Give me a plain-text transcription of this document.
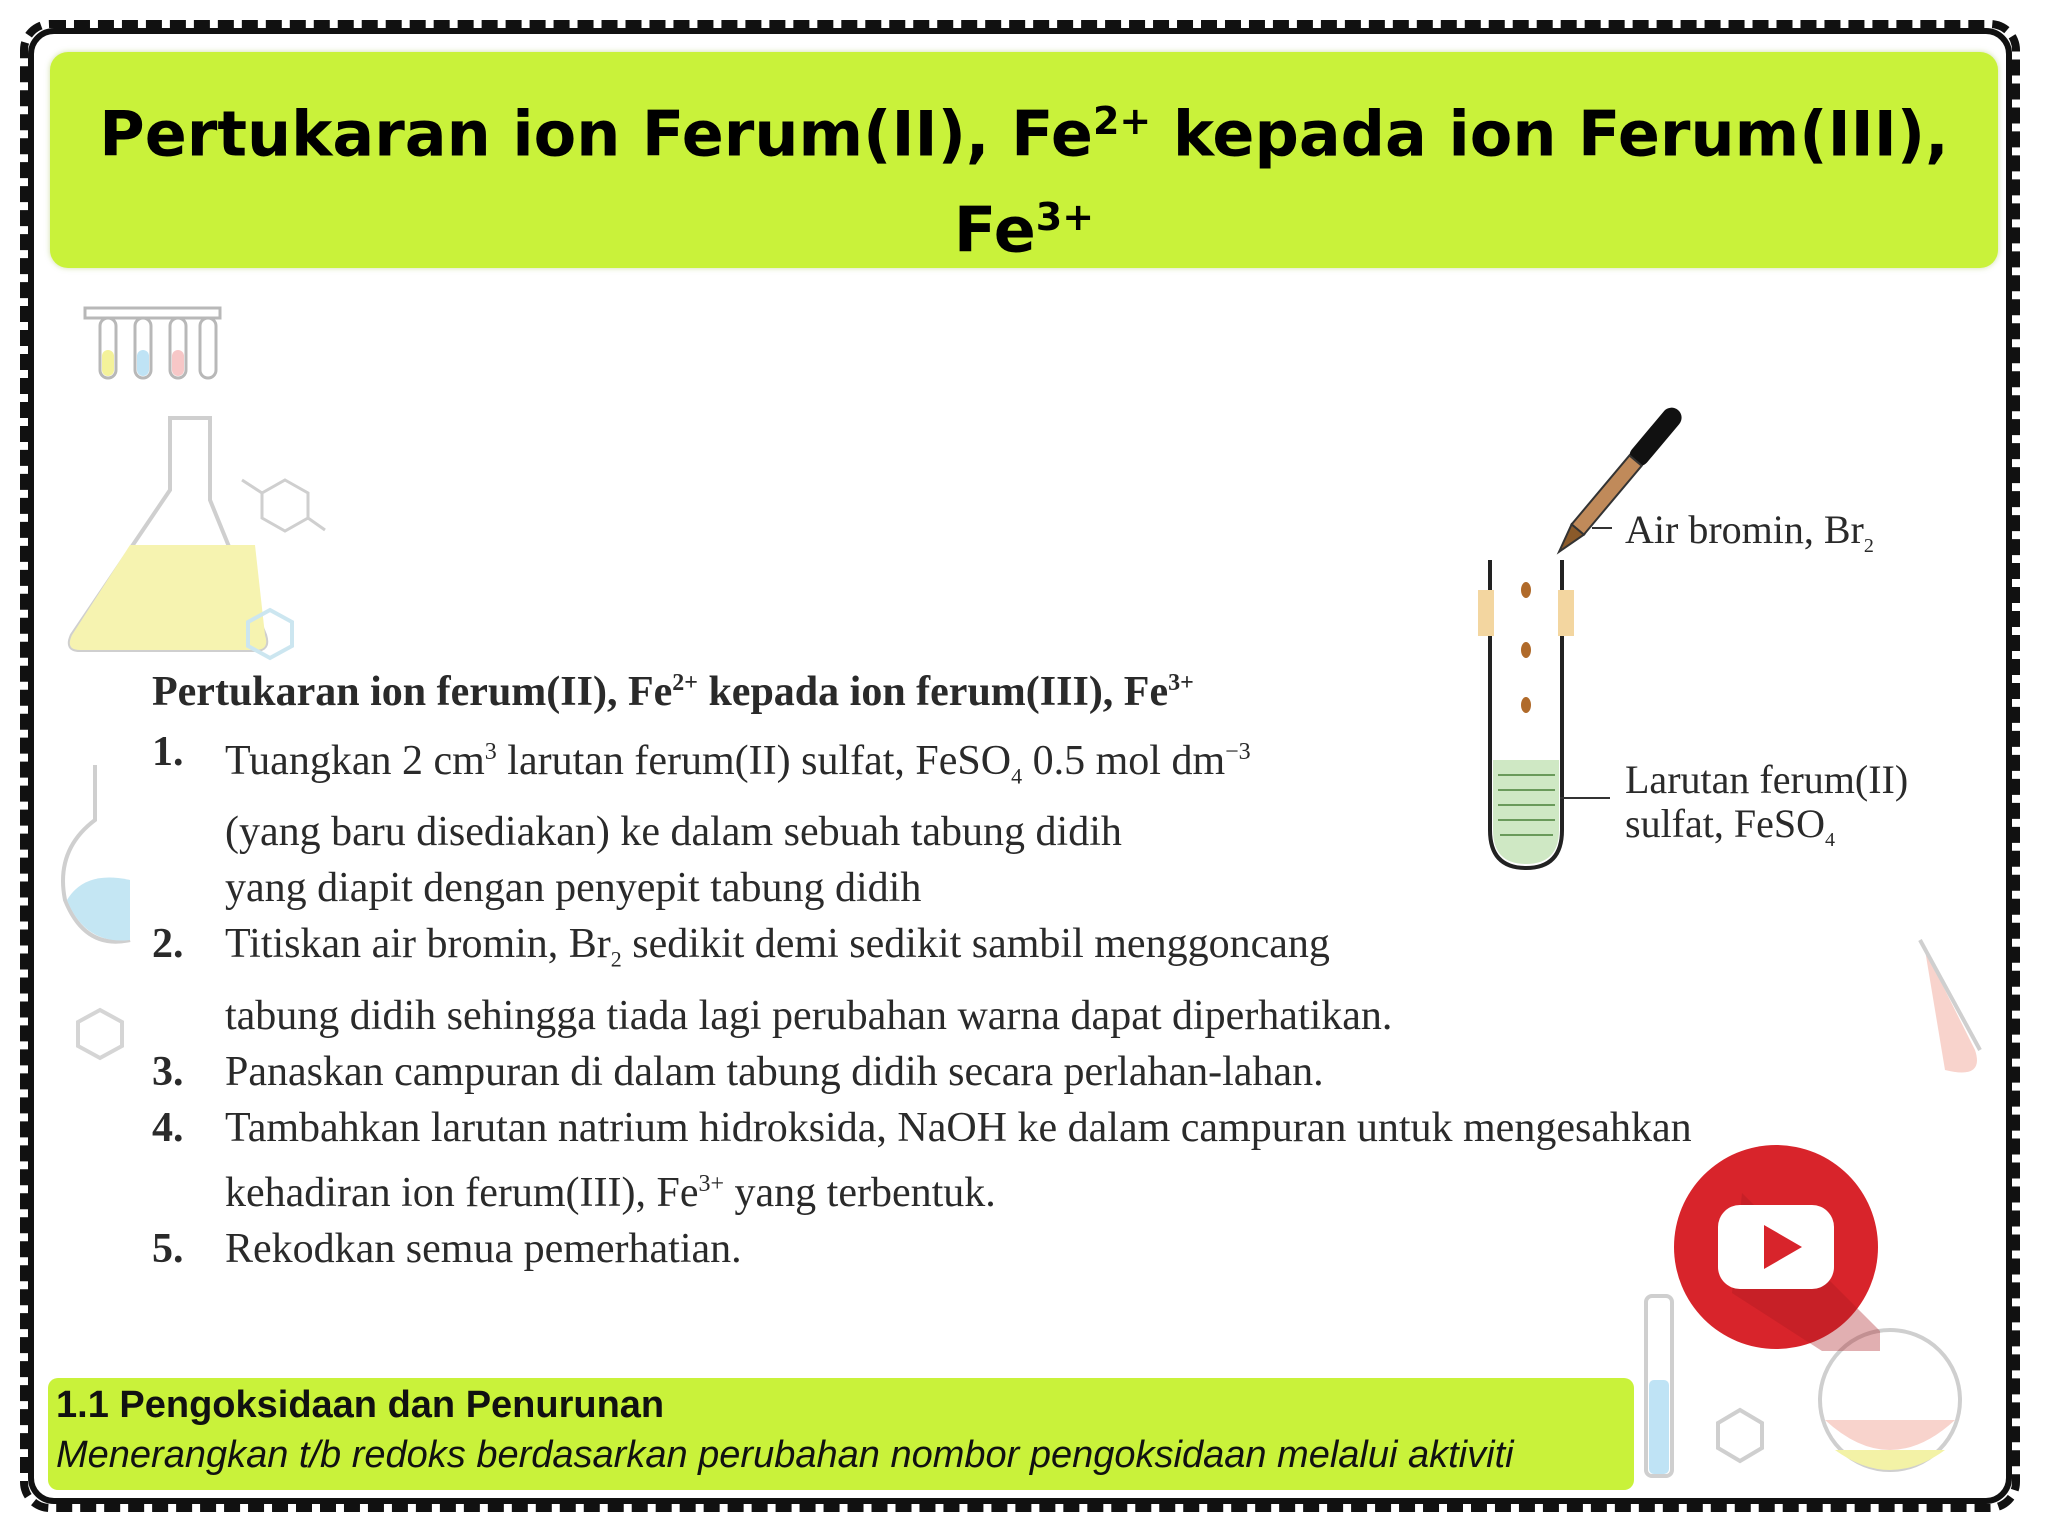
Pertukaran ion Ferum(II), $Fe^{2+}$ kepada ion Ferum(III),
$Fe^{3+}$
Air bromin, $Br_2$
Larutan ferum(II)
sulfat, FeSO$_4$

Pertukaran ion ferum(II), $Fe^{2+}$ kepada ion ferum(III), $Fe^{3+}$

1. Tuangkan 2 $cm^3$ larutan ferum(II) sulfat, FeSO$_4$ 0.5 mol $dm^{-3}$
(yang baru disediakan) ke dalam sebuah tabung didih
yang diapit dengan penyepit tabung didih
2. Titiskan air bromin, $Br_2$ sedikit demi sedikit sambil menggoncang
tabung didih sehingga tiada lagi perubahan warna dapat diperhatikan.
3. Panaskan campuran di dalam tabung didih secara perlahan-lahan.
4. Tambahkan larutan natrium hidroksida, NaOH ke dalam campuran untuk mengesahkan
kehadiran ion ferum(III), $Fe^{3+}$ yang terbentuk.
5. Rekodkan semua pemerhatian.
1.1 Pengoksidaan dan Penurunan
Menerangkan t/b redoks berdasarkan perubahan nombor pengoksidaan melalui aktiviti
